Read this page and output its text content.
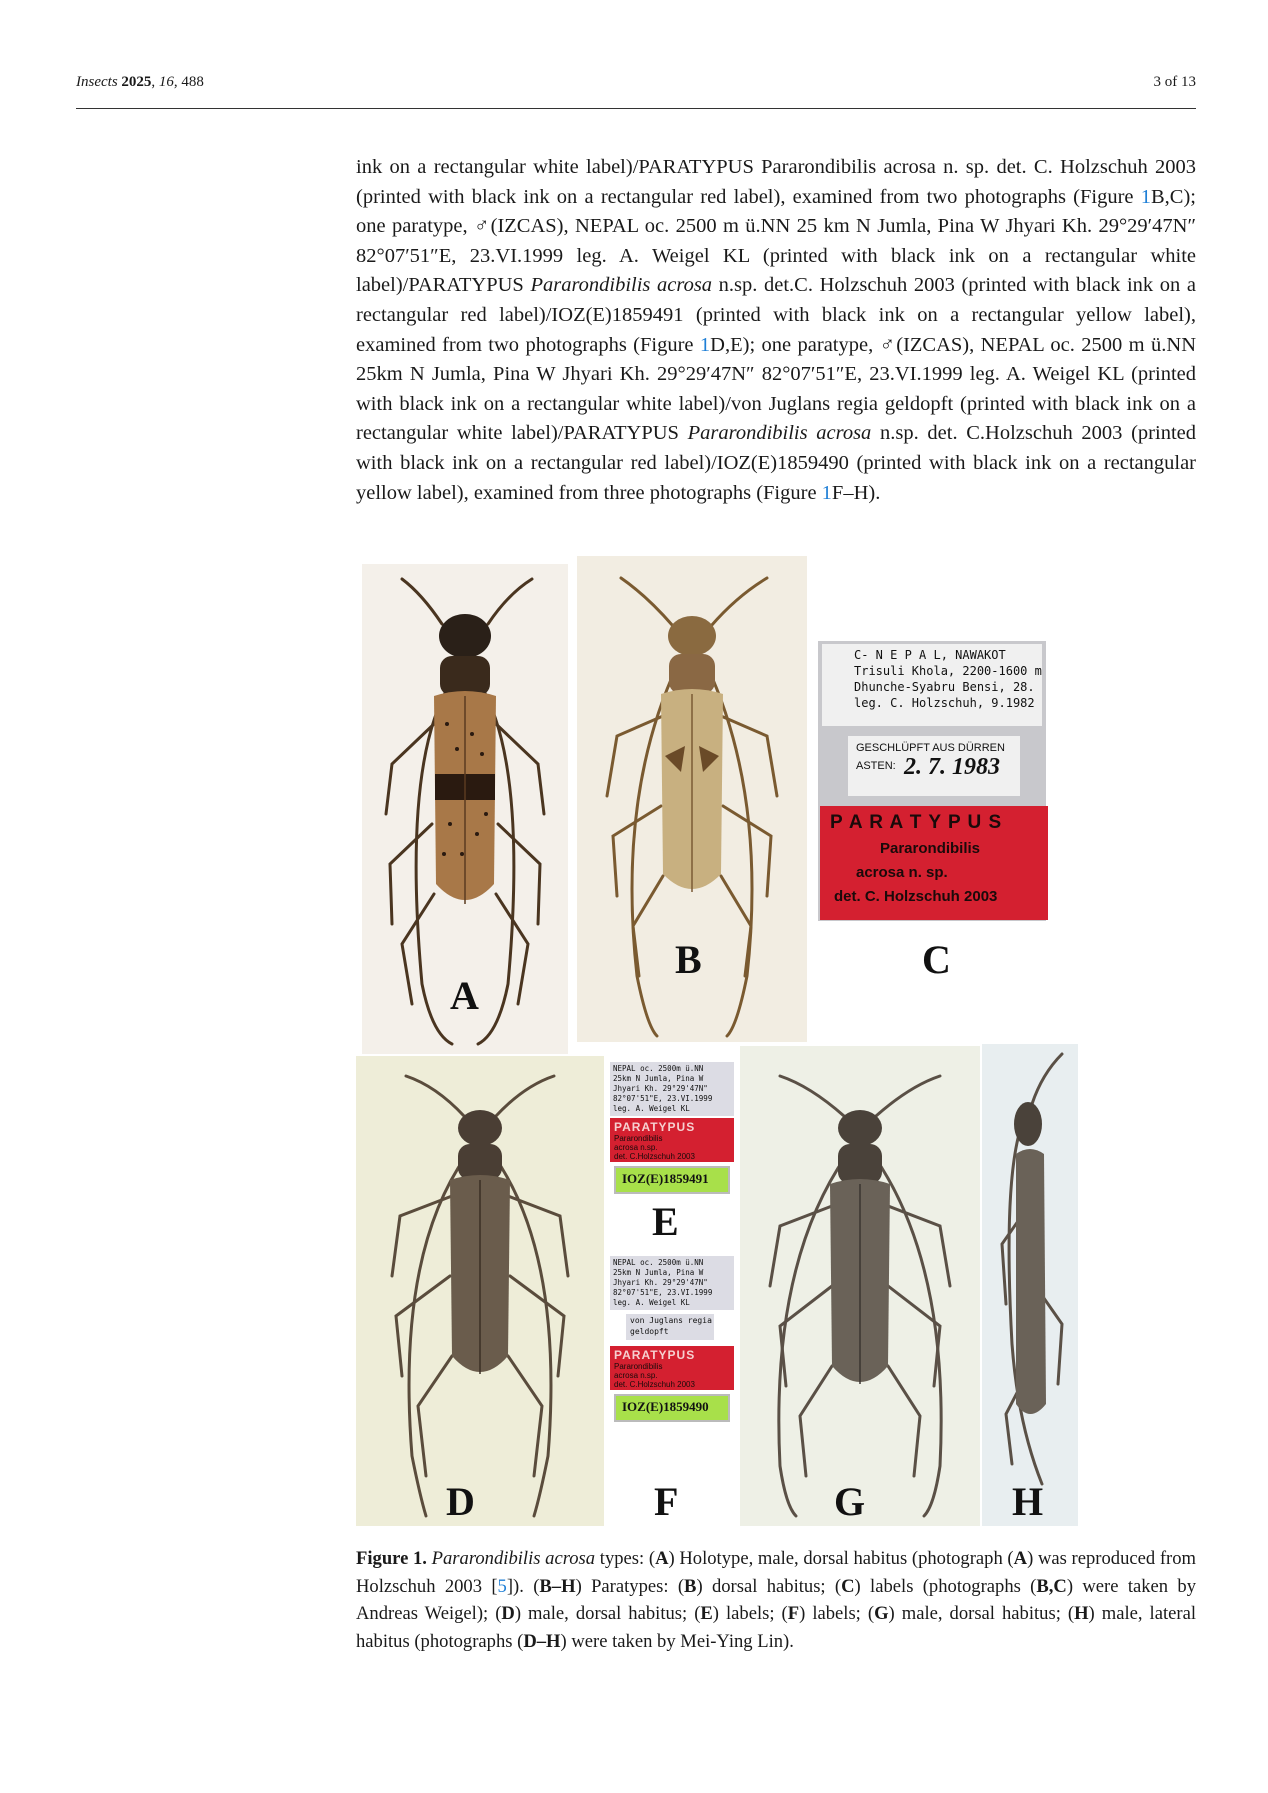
Insects 2025, 16, 488	3 of 13

ink on a rectangular white label)/PARATYPUS Pararondibilis acrosa n. sp. det. C. Holzschuh 2003 (printed with black ink on a rectangular red label), examined from two photographs (Figure 1B,C); one paratype, ♂(IZCAS), NEPAL oc. 2500 m ü.NN 25 km N Jumla, Pina W Jhyari Kh. 29°29′47N″ 82°07′51″E, 23.VI.1999 leg. A. Weigel KL (printed with black ink on a rectangular white label)/PARATYPUS Pararondibilis acrosa n.sp. det.C. Holzschuh 2003 (printed with black ink on a rectangular red label)/IOZ(E)1859491 (printed with black ink on a rectangular yellow label), examined from two photographs (Figure 1D,E); one paratype, ♂(IZCAS), NEPAL oc. 2500 m ü.NN 25km N Jumla, Pina W Jhyari Kh. 29°29′47N″ 82°07′51″E, 23.VI.1999 leg. A. Weigel KL (printed with black ink on a rectangular white label)/von Juglans regia geldopft (printed with black ink on a rectangular white label)/PARATYPUS Pararondibilis acrosa n.sp. det. C.Holzschuh 2003 (printed with black ink on a rectangular red label)/IOZ(E)1859490 (printed with black ink on a rectangular yellow label), examined from three photographs (Figure 1F–H).

A
B
C- N E P A L, NAWAKOT
Trisuli Khola, 2200-1600 m
Dhunche-Syabru Bensi, 28.
leg. C. Holzschuh, 9.1982
GESCHLÜPFT AUS DÜRREN
ASTEN: 2. 7. 1983
P A R A T Y P U S
Pararondibilis
acrosa n. sp.
det. C. Holzschuh 2003
C
D
NEPAL oc. 2500m ü.NN
25km N Jumla, Pina W
Jhyari Kh. 29°29'47N"
82°07'51"E, 23.VI.1999
leg. A. Weigel KL
PARATYPUS
Pararondibilis
acrosa n.sp.
det. C.Holzschuh 2003
IOZ(E)1859491
E
NEPAL oc. 2500m ü.NN
25km N Jumla, Pina W
Jhyari Kh. 29°29'47N"
82°07'51"E, 23.VI.1999
leg. A. Weigel KL
von Juglans regia
geldopft
PARATYPUS
Pararondibilis
acrosa n.sp.
det. C.Holzschuh 2003
IOZ(E)1859490
F	G	H
Figure 1. Pararondibilis acrosa types: (A) Holotype, male, dorsal habitus (photograph (A) was reproduced from Holzschuh 2003 [5]). (B–H) Paratypes: (B) dorsal habitus; (C) labels (photographs (B,C) were taken by Andreas Weigel); (D) male, dorsal habitus; (E) labels; (F) labels; (G) male, dorsal habitus; (H) male, lateral habitus (photographs (D–H) were taken by Mei-Ying Lin).
